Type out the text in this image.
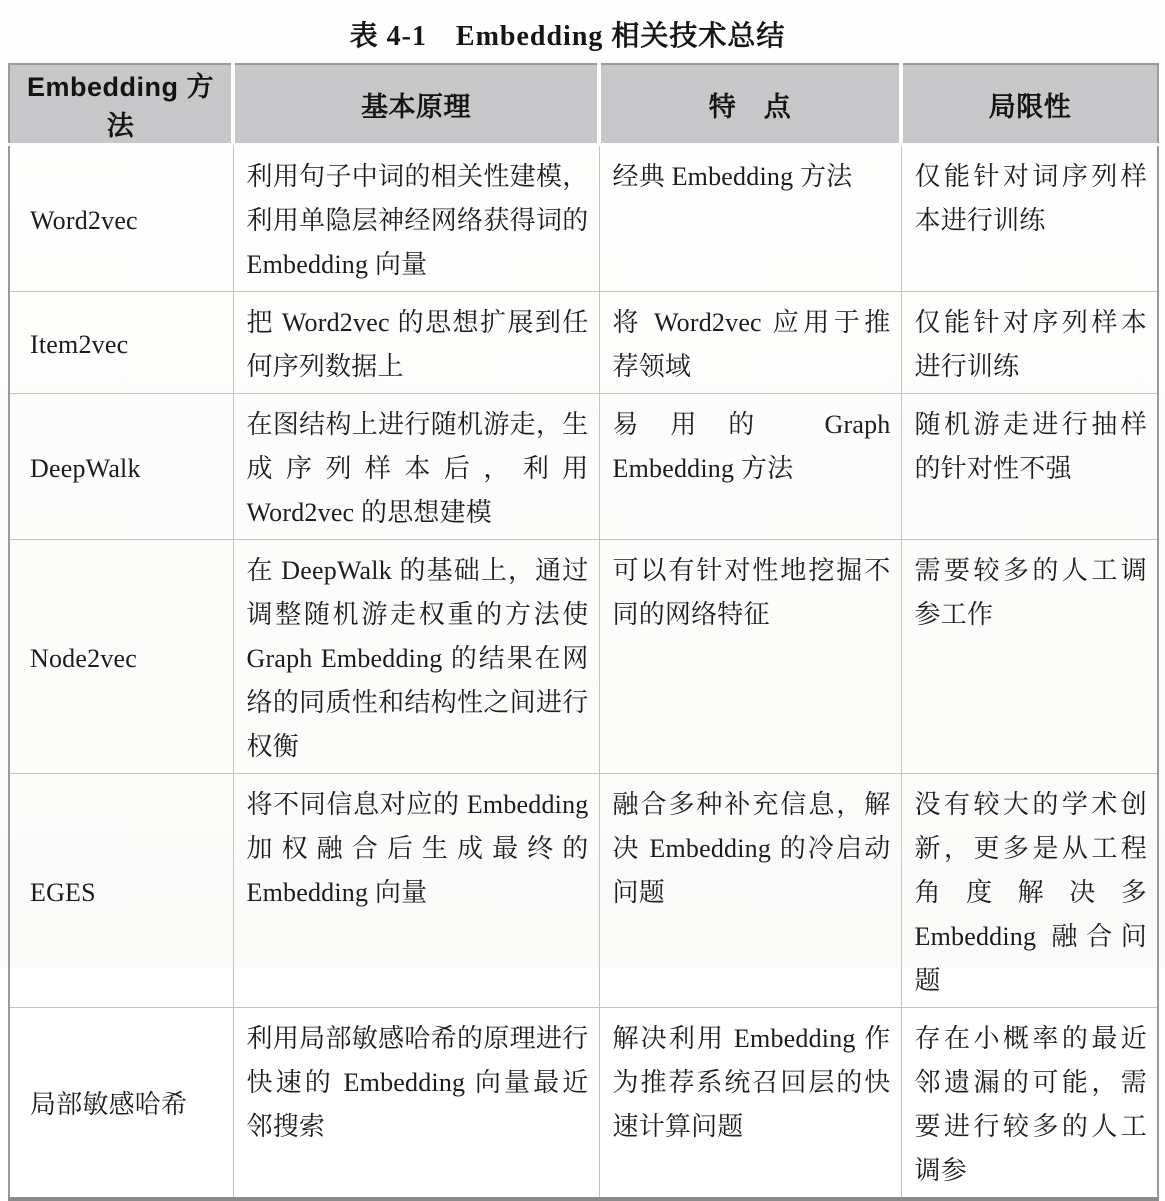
表 4-1　Embedding 相关技术总结
Embedding 方法	基本原理	特　点	局限性
Word2vec	利用句子中词的相关性建模，利用单隐层神经网络获得词的 Embedding 向量	经典 Embedding 方法	仅能针对词序列样本进行训练
Item2vec	把 Word2vec 的思想扩展到任何序列数据上	将 Word2vec 应用于推荐领域	仅能针对序列样本进行训练
DeepWalk	在图结构上进行随机游走，生成序列样本后，利用 Word2vec 的思想建模	易用的 Graph Embedding 方法	随机游走进行抽样的针对性不强
Node2vec	在 DeepWalk 的基础上，通过调整随机游走权重的方法使 Graph Embedding 的结果在网络的同质性和结构性之间进行权衡	可以有针对性地挖掘不同的网络特征	需要较多的人工调参工作
EGES	将不同信息对应的 Embedding 加权融合后生成最终的 Embedding 向量	融合多种补充信息，解决 Embedding 的冷启动问题	没有较大的学术创新，更多是从工程角度解决多 Embedding 融合问题
局部敏感哈希	利用局部敏感哈希的原理进行快速的 Embedding 向量最近邻搜索	解决利用 Embedding 作为推荐系统召回层的快速计算问题	存在小概率的最近邻遗漏的可能，需要进行较多的人工调参
